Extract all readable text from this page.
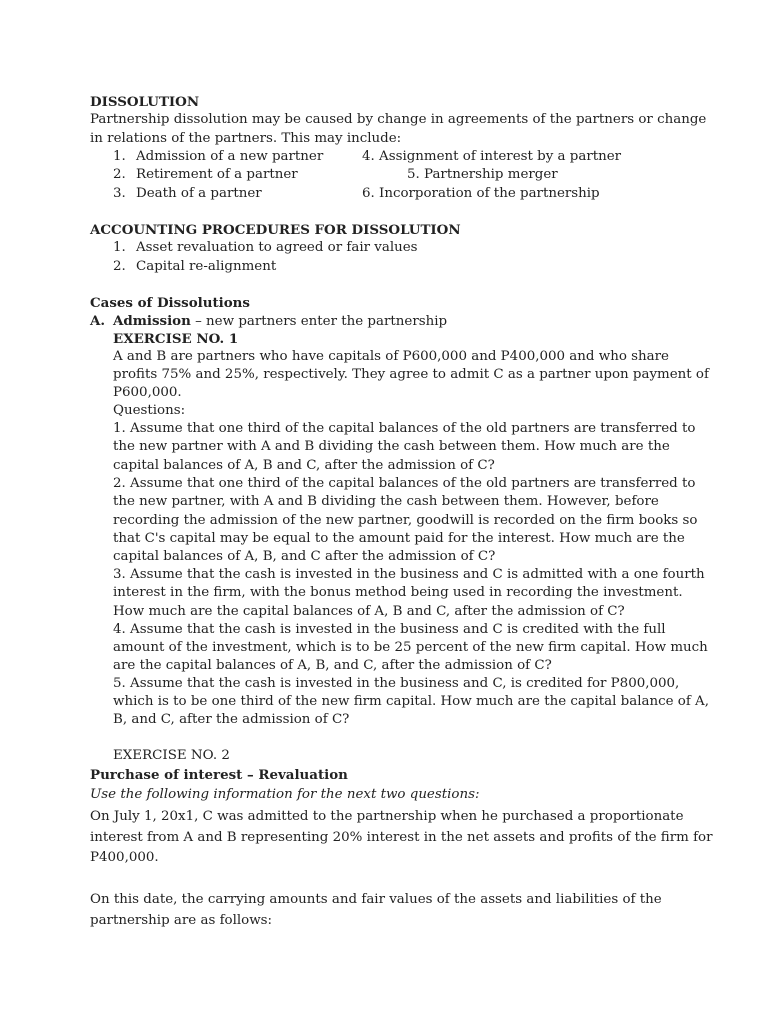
DISSOLUTION
Partnership dissolution may be caused by change in agreements of the partners or change
in relations of the partners. This may include:
1. Admission of a new partner	4. Assignment of interest by a partner
2. Retirement of a partner	5. Partnership merger
3. Death of a partner	6. Incorporation of the partnership
ACCOUNTING PROCEDURES FOR DISSOLUTION
1. Asset revaluation to agreed or fair values
2. Capital re-alignment
Cases of Dissolutions
A. Admission – new partners enter the partnership
EXERCISE NO. 1
A and B are partners who have capitals of P600,000 and P400,000 and who share
profits 75% and 25%, respectively. They agree to admit C as a partner upon payment of
P600,000.
Questions:
1. Assume that one third of the capital balances of the old partners are transferred to
the new partner with A and B dividing the cash between them. How much are the
capital balances of A, B and C, after the admission of C?
2. Assume that one third of the capital balances of the old partners are transferred to
the new partner, with A and B dividing the cash between them. However, before
recording the admission of the new partner, goodwill is recorded on the firm books so
that C's capital may be equal to the amount paid for the interest. How much are the
capital balances of A, B, and C after the admission of C?
3. Assume that the cash is invested in the business and C is admitted with a one fourth
interest in the firm, with the bonus method being used in recording the investment.
How much are the capital balances of A, B and C, after the admission of C?
4. Assume that the cash is invested in the business and C is credited with the full
amount of the investment, which is to be 25 percent of the new firm capital. How much
are the capital balances of A, B, and C, after the admission of C?
5. Assume that the cash is invested in the business and C, is credited for P800,000,
which is to be one third of the new firm capital. How much are the capital balance of A,
B, and C, after the admission of C?
EXERCISE NO. 2
Purchase of interest – Revaluation
Use the following information for the next two questions:
On July 1, 20x1, C was admitted to the partnership when he purchased a proportionate
interest from A and B representing 20% interest in the net assets and profits of the firm for
P400,000.
On this date, the carrying amounts and fair values of the assets and liabilities of the
partnership are as follows:
